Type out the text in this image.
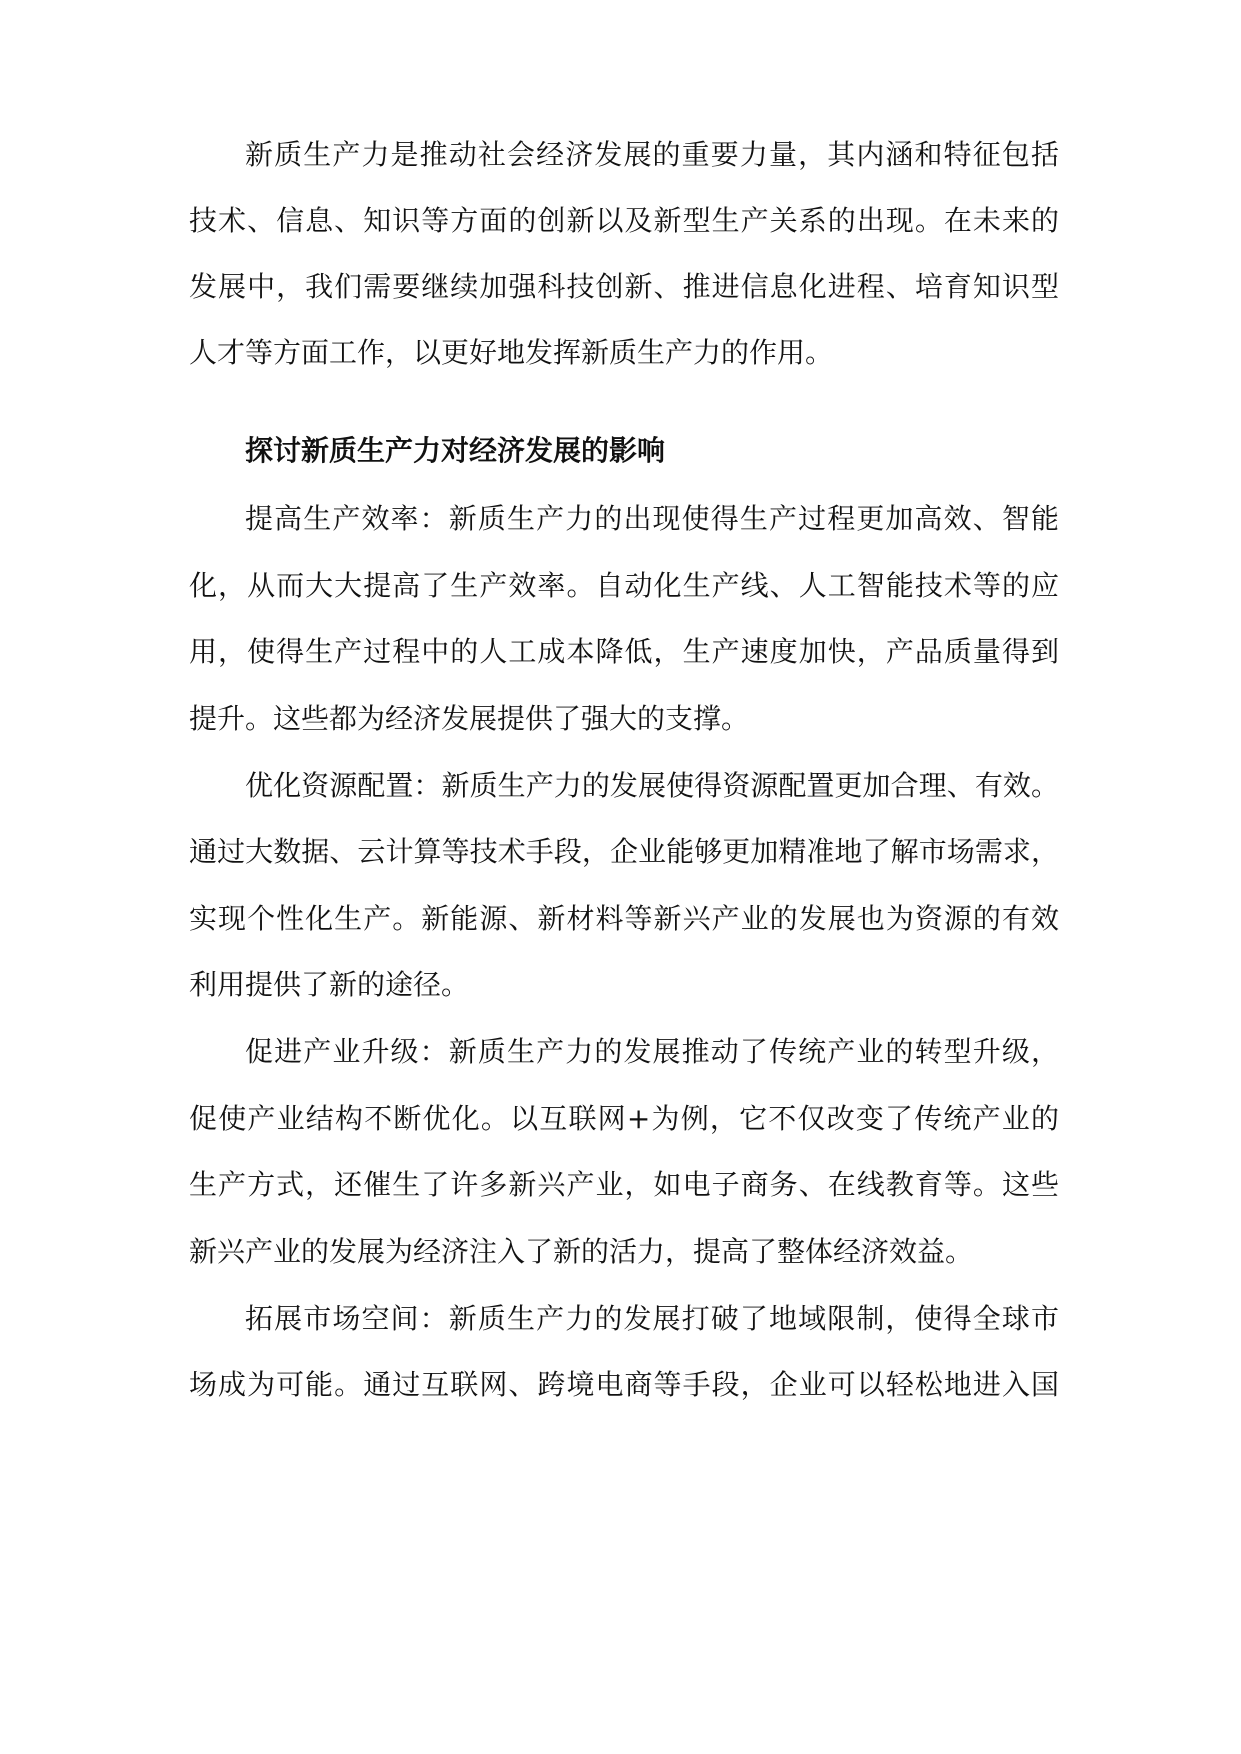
新质生产力是推动社会经济发展的重要力量，其内涵和特征包括

技术、信息、知识等方面的创新以及新型生产关系的出现。在未来的

发展中，我们需要继续加强科技创新、推进信息化进程、培育知识型

人才等方面工作，以更好地发挥新质生产力的作用。

探讨新质生产力对经济发展的影响

提高生产效率：新质生产力的出现使得生产过程更加高效、智能

化，从而大大提高了生产效率。自动化生产线、人工智能技术等的应

用，使得生产过程中的人工成本降低，生产速度加快，产品质量得到

提升。这些都为经济发展提供了强大的支撑。

优化资源配置：新质生产力的发展使得资源配置更加合理、有效。

通过大数据、云计算等技术手段，企业能够更加精准地了解市场需求，

实现个性化生产。新能源、新材料等新兴产业的发展也为资源的有效

利用提供了新的途径。

促进产业升级：新质生产力的发展推动了传统产业的转型升级，

促使产业结构不断优化。以互联网+为例，它不仅改变了传统产业的

生产方式，还催生了许多新兴产业，如电子商务、在线教育等。这些

新兴产业的发展为经济注入了新的活力，提高了整体经济效益。

拓展市场空间：新质生产力的发展打破了地域限制，使得全球市

场成为可能。通过互联网、跨境电商等手段，企业可以轻松地进入国
